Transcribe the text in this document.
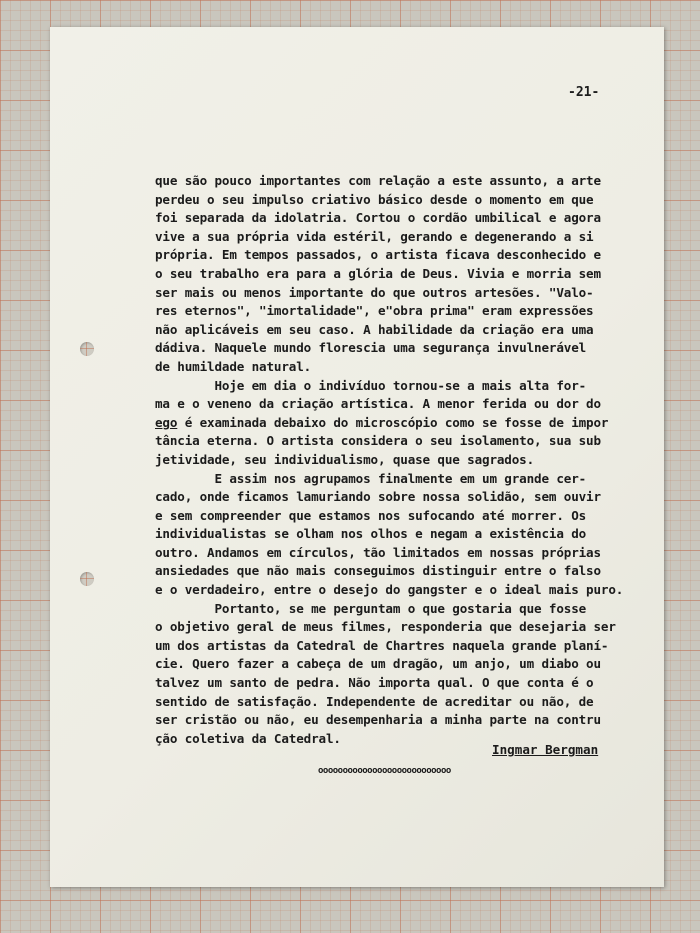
-21-
que são pouco importantes com relação a este assunto, a arte
perdeu o seu impulso criativo básico desde o momento em que
foi separada da idolatria. Cortou o cordão umbilical e agora
vive a sua própria vida estéril, gerando e degenerando a si
própria. Em tempos passados, o artista ficava desconhecido e
o seu trabalho era para a glória de Deus. Vivia e morria sem
ser mais ou menos importante do que outros artesões. "Valo-
res eternos", "imortalidade", e"obra prima" eram expressões
não aplicáveis em seu caso. A habilidade da criação era uma
dádiva. Naquele mundo florescia uma segurança invulnerável
de humildade natural.
Hoje em dia o indivíduo tornou-se a mais alta for-
ma e o veneno da criação artística. A menor ferida ou dor do
ego é examinada debaixo do microscópio como se fosse de impor
tância eterna. O artista considera o seu isolamento, sua sub
jetividade, seu individualismo, quase que sagrados.
E assim nos agrupamos finalmente em um grande cer-
cado, onde ficamos lamuriando sobre nossa solidão, sem ouvir
e sem compreender que estamos nos sufocando até morrer. Os
individualistas se olham nos olhos e negam a existência do
outro. Andamos em círculos, tão limitados em nossas próprias
ansiedades que não mais conseguimos distinguir entre o falso
e o verdadeiro, entre o desejo do gangster e o ideal mais puro.
Portanto, se me perguntam o que gostaria que fosse
o objetivo geral de meus filmes, responderia que desejaria ser
um dos artistas da Catedral de Chartres naquela grande planí-
cie. Quero fazer a cabeça de um dragão, um anjo, um diabo ou
talvez um santo de pedra. Não importa qual. O que conta é o
sentido de satisfação. Independente de acreditar ou não, de
ser cristão ou não, eu desempenharia a minha parte na contru
ção coletiva da Catedral.
Ingmar Bergman
ooooooooooooooooooooooooooo
